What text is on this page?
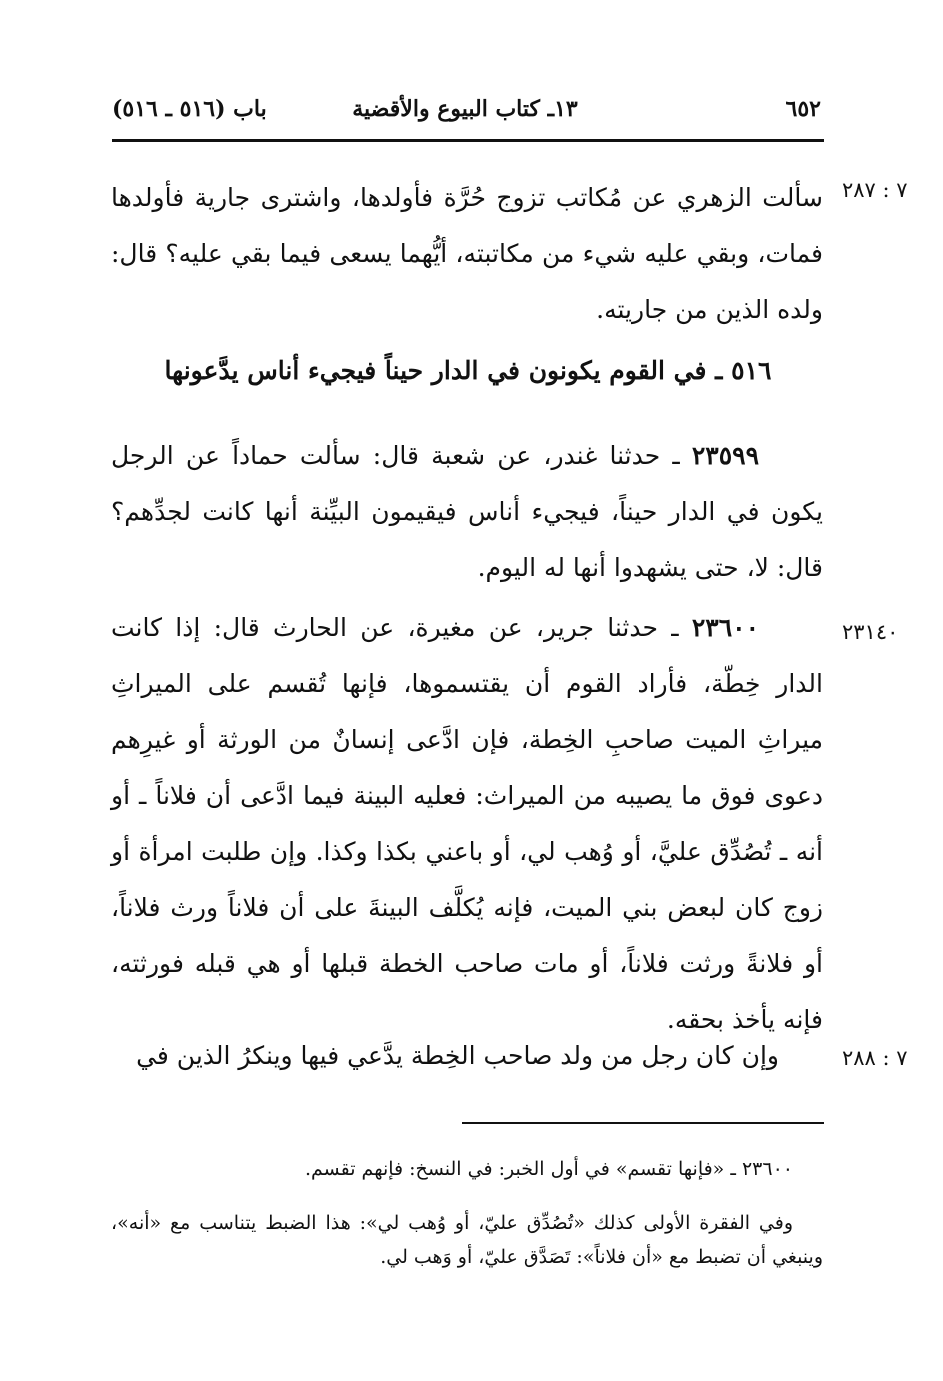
٦٥٢
١٣ـ كتاب البيوع والأقضية
باب (٥١٦ ـ ٥١٦)
٧ : ٢٨٧
سألت الزهري عن مُكاتب تزوج حُرَّة فأولدها، واشترى جارية فأولدها فمات، وبقي عليه شيء من مكاتبته، أيُّهما يسعى فيما بقي عليه؟ قال: ولده الذين من جاريته.
٥١٦ ـ في القوم يكونون في الدار حيناً فيجيء أناس يدَّعونها
٢٣٥٩٩ ـ حدثنا غندر، عن شعبة قال: سألت حماداً عن الرجل يكون في الدار حيناً، فيجيء أناس فيقيمون البيِّنة أنها كانت لجدِّهم؟ قال: لا، حتى يشهدوا أنها له اليوم.
٢٣١٤٠
٢٣٦٠٠ ـ حدثنا جرير، عن مغيرة، عن الحارث قال: إذا كانت الدار خِطّة، فأراد القوم أن يقتسموها، فإنها تُقسم على الميراثِ ميراثِ الميت صاحبِ الخِطة، فإن ادَّعى إنسانٌ من الورثة أو غيرِهم دعوى فوق ما يصيبه من الميراث: فعليه البينة فيما ادَّعى أن فلاناً ـ أو أنه ـ تُصُدِّق عليَّ، أو وُهب لي، أو باعني بكذا وكذا. وإن طلبت امرأة أو زوج كان لبعض بني الميت، فإنه يُكلَّف البينةَ على أن فلاناً ورث فلاناً، أو فلانةً ورثت فلاناً، أو مات صاحب الخطة قبلها أو هي قبله فورثته، فإنه يأخذ بحقه.
٧ : ٢٨٨
وإن كان رجل من ولد صاحب الخِطة يدَّعي فيها وينكرُ الذين في
٢٣٦٠٠ ـ «فإنها تقسم» في أول الخبر: في النسخ: فإنهم تقسم.
وفي الفقرة الأولى كذلك «تُصُدِّق عليّ، أو وُهب لي»: هذا الضبط يتناسب مع «أنه»، وينبغي أن تضبط مع «أن فلاناً»: تَصَدَّق عليّ، أو وَهب لي.
